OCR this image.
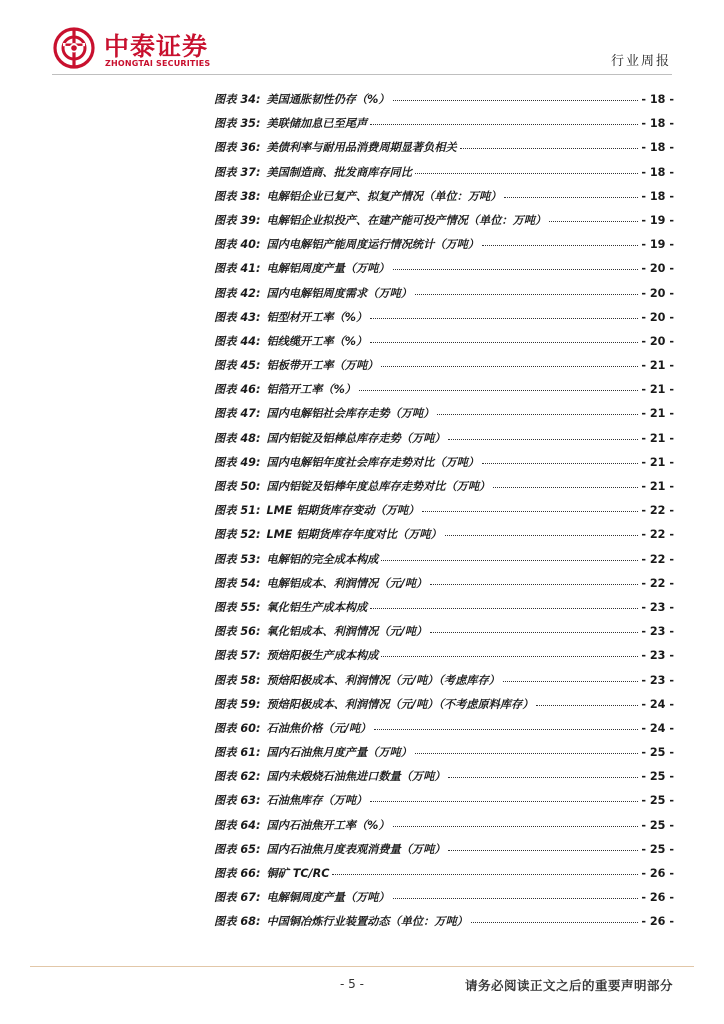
中泰证券
ZHONGTAI SECURITIES	行业周报
图表 34: 美国通胀韧性仍存（%）	- 18 -
图表 35: 美联储加息已至尾声	- 18 -
图表 36: 美债利率与耐用品消费周期显著负相关	- 18 -
图表 37: 美国制造商、批发商库存同比	- 18 -
图表 38: 电解铝企业已复产、拟复产情况（单位：万吨）	- 18 -
图表 39: 电解铝企业拟投产、在建产能可投产情况（单位：万吨）	- 19 -
图表 40: 国内电解铝产能周度运行情况统计（万吨）	- 19 -
图表 41: 电解铝周度产量（万吨）	- 20 -
图表 42: 国内电解铝周度需求（万吨）	- 20 -
图表 43: 铝型材开工率（%）	- 20 -
图表 44: 铝线缆开工率（%）	- 20 -
图表 45: 铝板带开工率（万吨）	- 21 -
图表 46: 铝箔开工率（%）	- 21 -
图表 47: 国内电解铝社会库存走势（万吨）	- 21 -
图表 48: 国内铝锭及铝棒总库存走势（万吨）	- 21 -
图表 49: 国内电解铝年度社会库存走势对比（万吨）	- 21 -
图表 50: 国内铝锭及铝棒年度总库存走势对比（万吨）	- 21 -
图表 51: LME 铝期货库存变动（万吨）	- 22 -
图表 52: LME 铝期货库存年度对比（万吨）	- 22 -
图表 53: 电解铝的完全成本构成	- 22 -
图表 54: 电解铝成本、利润情况（元/吨）	- 22 -
图表 55: 氧化铝生产成本构成	- 23 -
图表 56: 氧化铝成本、利润情况（元/吨）	- 23 -
图表 57: 预焙阳极生产成本构成	- 23 -
图表 58: 预焙阳极成本、利润情况（元/吨）（考虑库存）	- 23 -
图表 59: 预焙阳极成本、利润情况（元/吨）（不考虑原料库存）	- 24 -
图表 60: 石油焦价格（元/吨）	- 24 -
图表 61: 国内石油焦月度产量（万吨）	- 25 -
图表 62: 国内未煅烧石油焦进口数量（万吨）	- 25 -
图表 63: 石油焦库存（万吨）	- 25 -
图表 64: 国内石油焦开工率（%）	- 25 -
图表 65: 国内石油焦月度表观消费量（万吨）	- 25 -
图表 66: 铜矿 TC/RC	- 26 -
图表 67: 电解铜周度产量（万吨）	- 26 -
图表 68: 中国铜冶炼行业装置动态（单位：万吨）	- 26 -
- 5 -	请务必阅读正文之后的重要声明部分
